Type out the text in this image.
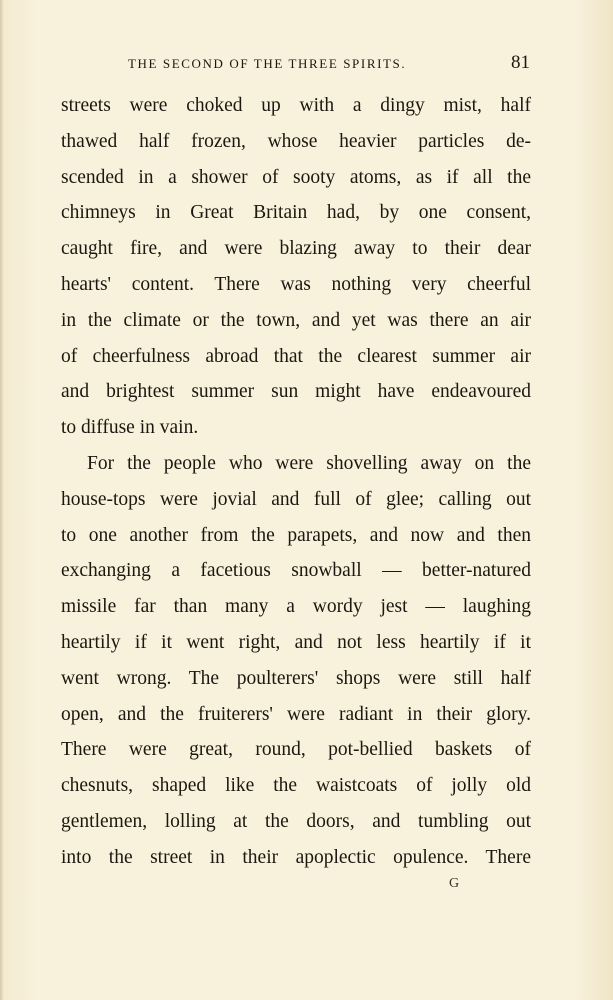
THE SECOND OF THE THREE SPIRITS.	81
streets were choked up with a dingy mist, half
thawed half frozen, whose heavier particles de-
scended in a shower of sooty atoms, as if all the
chimneys in Great Britain had, by one consent,
caught fire, and were blazing away to their dear
hearts' content. There was nothing very cheerful
in the climate or the town, and yet was there an air
of cheerfulness abroad that the clearest summer air
and brightest summer sun might have endeavoured
to diffuse in vain.
For the people who were shovelling away on the
house-tops were jovial and full of glee; calling out
to one another from the parapets, and now and then
exchanging a facetious snowball — better-natured
missile far than many a wordy jest — laughing
heartily if it went right, and not less heartily if it
went wrong. The poulterers' shops were still half
open, and the fruiterers' were radiant in their glory.
There were great, round, pot-bellied baskets of
chesnuts, shaped like the waistcoats of jolly old
gentlemen, lolling at the doors, and tumbling out
into the street in their apoplectic opulence. There
G
